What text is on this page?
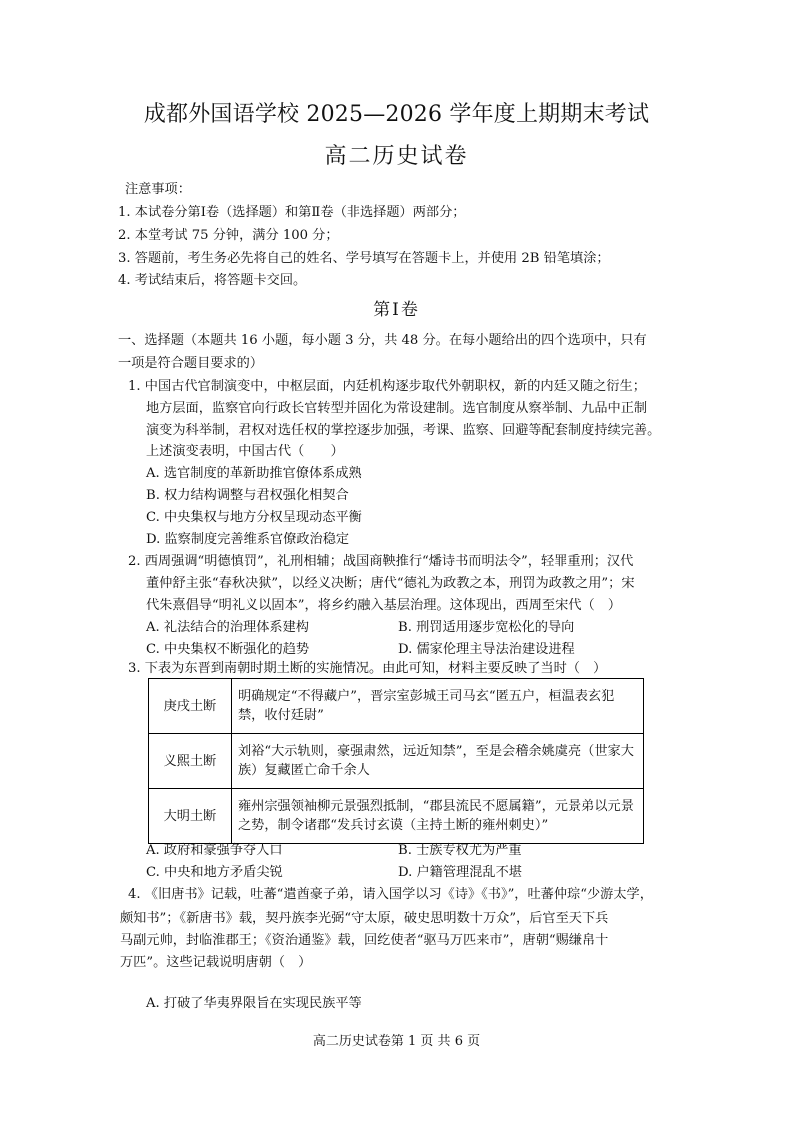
成都外国语学校 2025—2026 学年度上期期末考试
高二历史试卷
注意事项：
1. 本试卷分第Ⅰ卷（选择题）和第Ⅱ卷（非选择题）两部分；
2. 本堂考试 75 分钟，满分 100 分；
3. 答题前，考生务必先将自己的姓名、学号填写在答题卡上，并使用 2B 铅笔填涂；
4. 考试结束后，将答题卡交回。
第Ⅰ卷
一、选择题（本题共 16 小题，每小题 3 分，共 48 分。在每小题给出的四个选项中，只有
一项是符合题目要求的）
1. 中国古代官制演变中，中枢层面，内廷机构逐步取代外朝职权，新的内廷又随之衍生；
地方层面，监察官向行政长官转型并固化为常设建制。选官制度从察举制、九品中正制
演变为科举制，君权对选任权的掌控逐步加强，考课、监察、回避等配套制度持续完善。
上述演变表明，中国古代（　　）
A. 选官制度的革新助推官僚体系成熟
B. 权力结构调整与君权强化相契合
C. 中央集权与地方分权呈现动态平衡
D. 监察制度完善维系官僚政治稳定
2. 西周强调“明德慎罚”，礼刑相辅；战国商鞅推行“燔诗书而明法令”，轻罪重刑；汉代
董仲舒主张“春秋决狱”，以经义决断；唐代“德礼为政教之本，刑罚为政教之用”；宋
代朱熹倡导“明礼义以固本”，将乡约融入基层治理。这体现出，西周至宋代（　）
A. 礼法结合的治理体系建构	B. 刑罚适用逐步宽松化的导向
C. 中央集权不断强化的趋势	D. 儒家伦理主导法治建设进程
3. 下表为东晋到南朝时期土断的实施情况。由此可知，材料主要反映了当时（　）
庚戌土断	明确规定“不得藏户”，晋宗室彭城王司马玄“匿五户，桓温表玄犯禁，收付廷尉”
义熙土断	刘裕“大示轨则，豪强肃然，远近知禁”，至是会稽余姚虞亮（世家大族）复藏匿亡命千余人
大明土断	雍州宗强领袖柳元景强烈抵制，“郡县流民不愿属籍”，元景弟以元景之势，制令诸郡“发兵讨玄谟（主持土断的雍州刺史）”
A. 政府和豪强争夺人口	B. 士族专权尤为严重
C. 中央和地方矛盾尖锐	D. 户籍管理混乱不堪
4. 《旧唐书》记载，吐蕃“遣酋豪子弟，请入国学以习《诗》《书》”，吐蕃仲琮“少游太学，
颇知书”；《新唐书》载，契丹族李光弼“守太原，破史思明数十万众”，后官至天下兵
马副元帅，封临淮郡王；《资治通鉴》载，回纥使者“驱马万匹来市”，唐朝“赐缣帛十
万匹”。这些记载说明唐朝（　）
A. 打破了华夷界限旨在实现民族平等
高二历史试卷第 1 页 共 6 页
